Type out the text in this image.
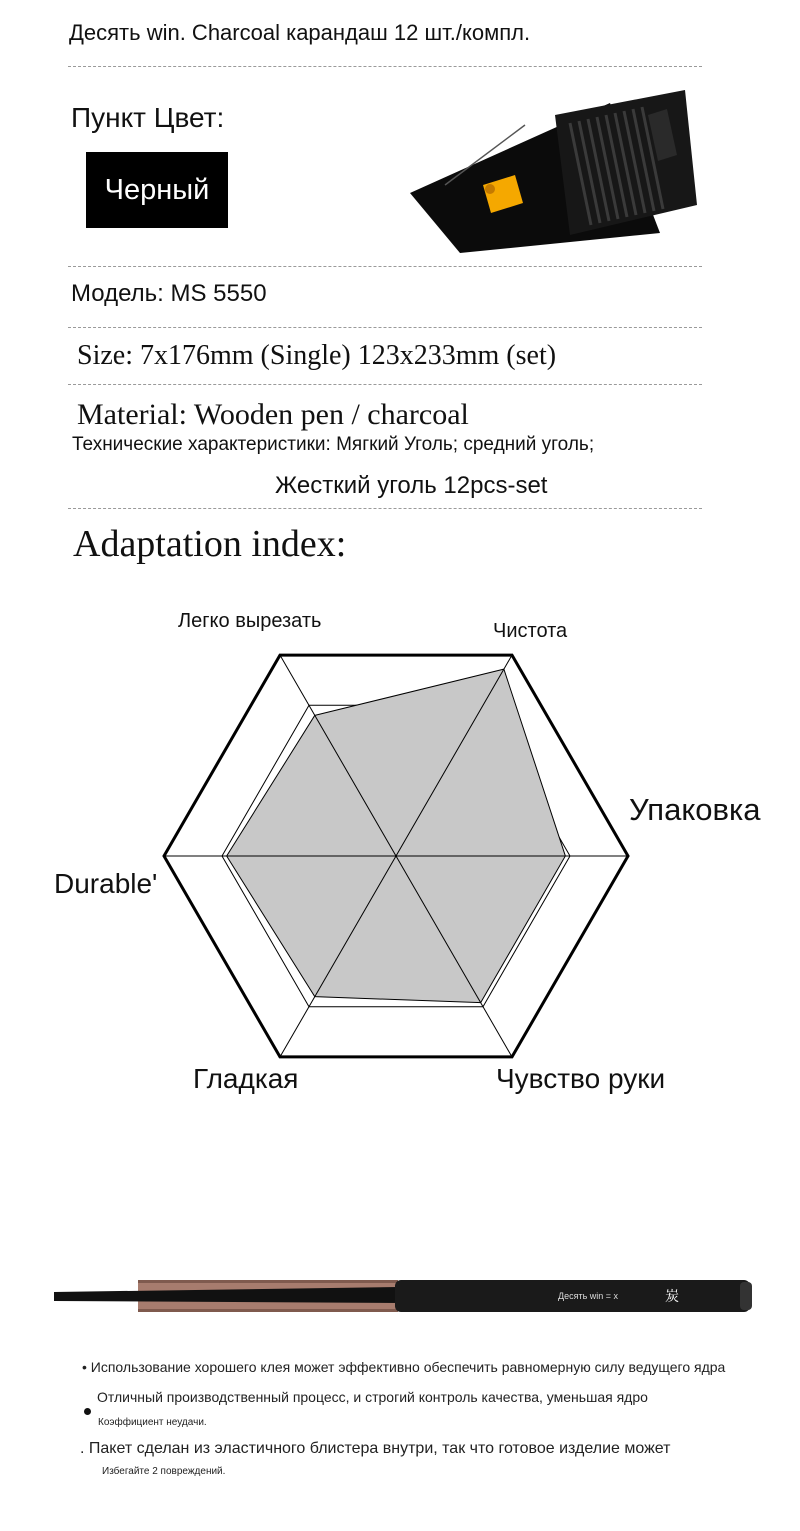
Десять win. Charcoal карандаш 12 шт./компл.
Пункт Цвет:
Черный
Модель: MS 5550
Size: 7x176mm (Single) 123x233mm (set)
Material: Wooden pen / charcoal
Технические характеристики: Мягкий Уголь; средний уголь;
Жесткий уголь 12pcs-set
Adaptation index:
Легко вырезать	Чистота
Упаковка
Durable'
Гладкая	Чувство руки
Десять win = x	炭
• Использование хорошего клея может эффективно обеспечить равномерную силу ведущего ядра
Отличный производственный процесс, и строгий контроль качества, уменьшая ядро
Коэффициент неудачи.
. Пакет сделан из эластичного блистера внутри, так что готовое изделие может
Избегайте 2 повреждений.
